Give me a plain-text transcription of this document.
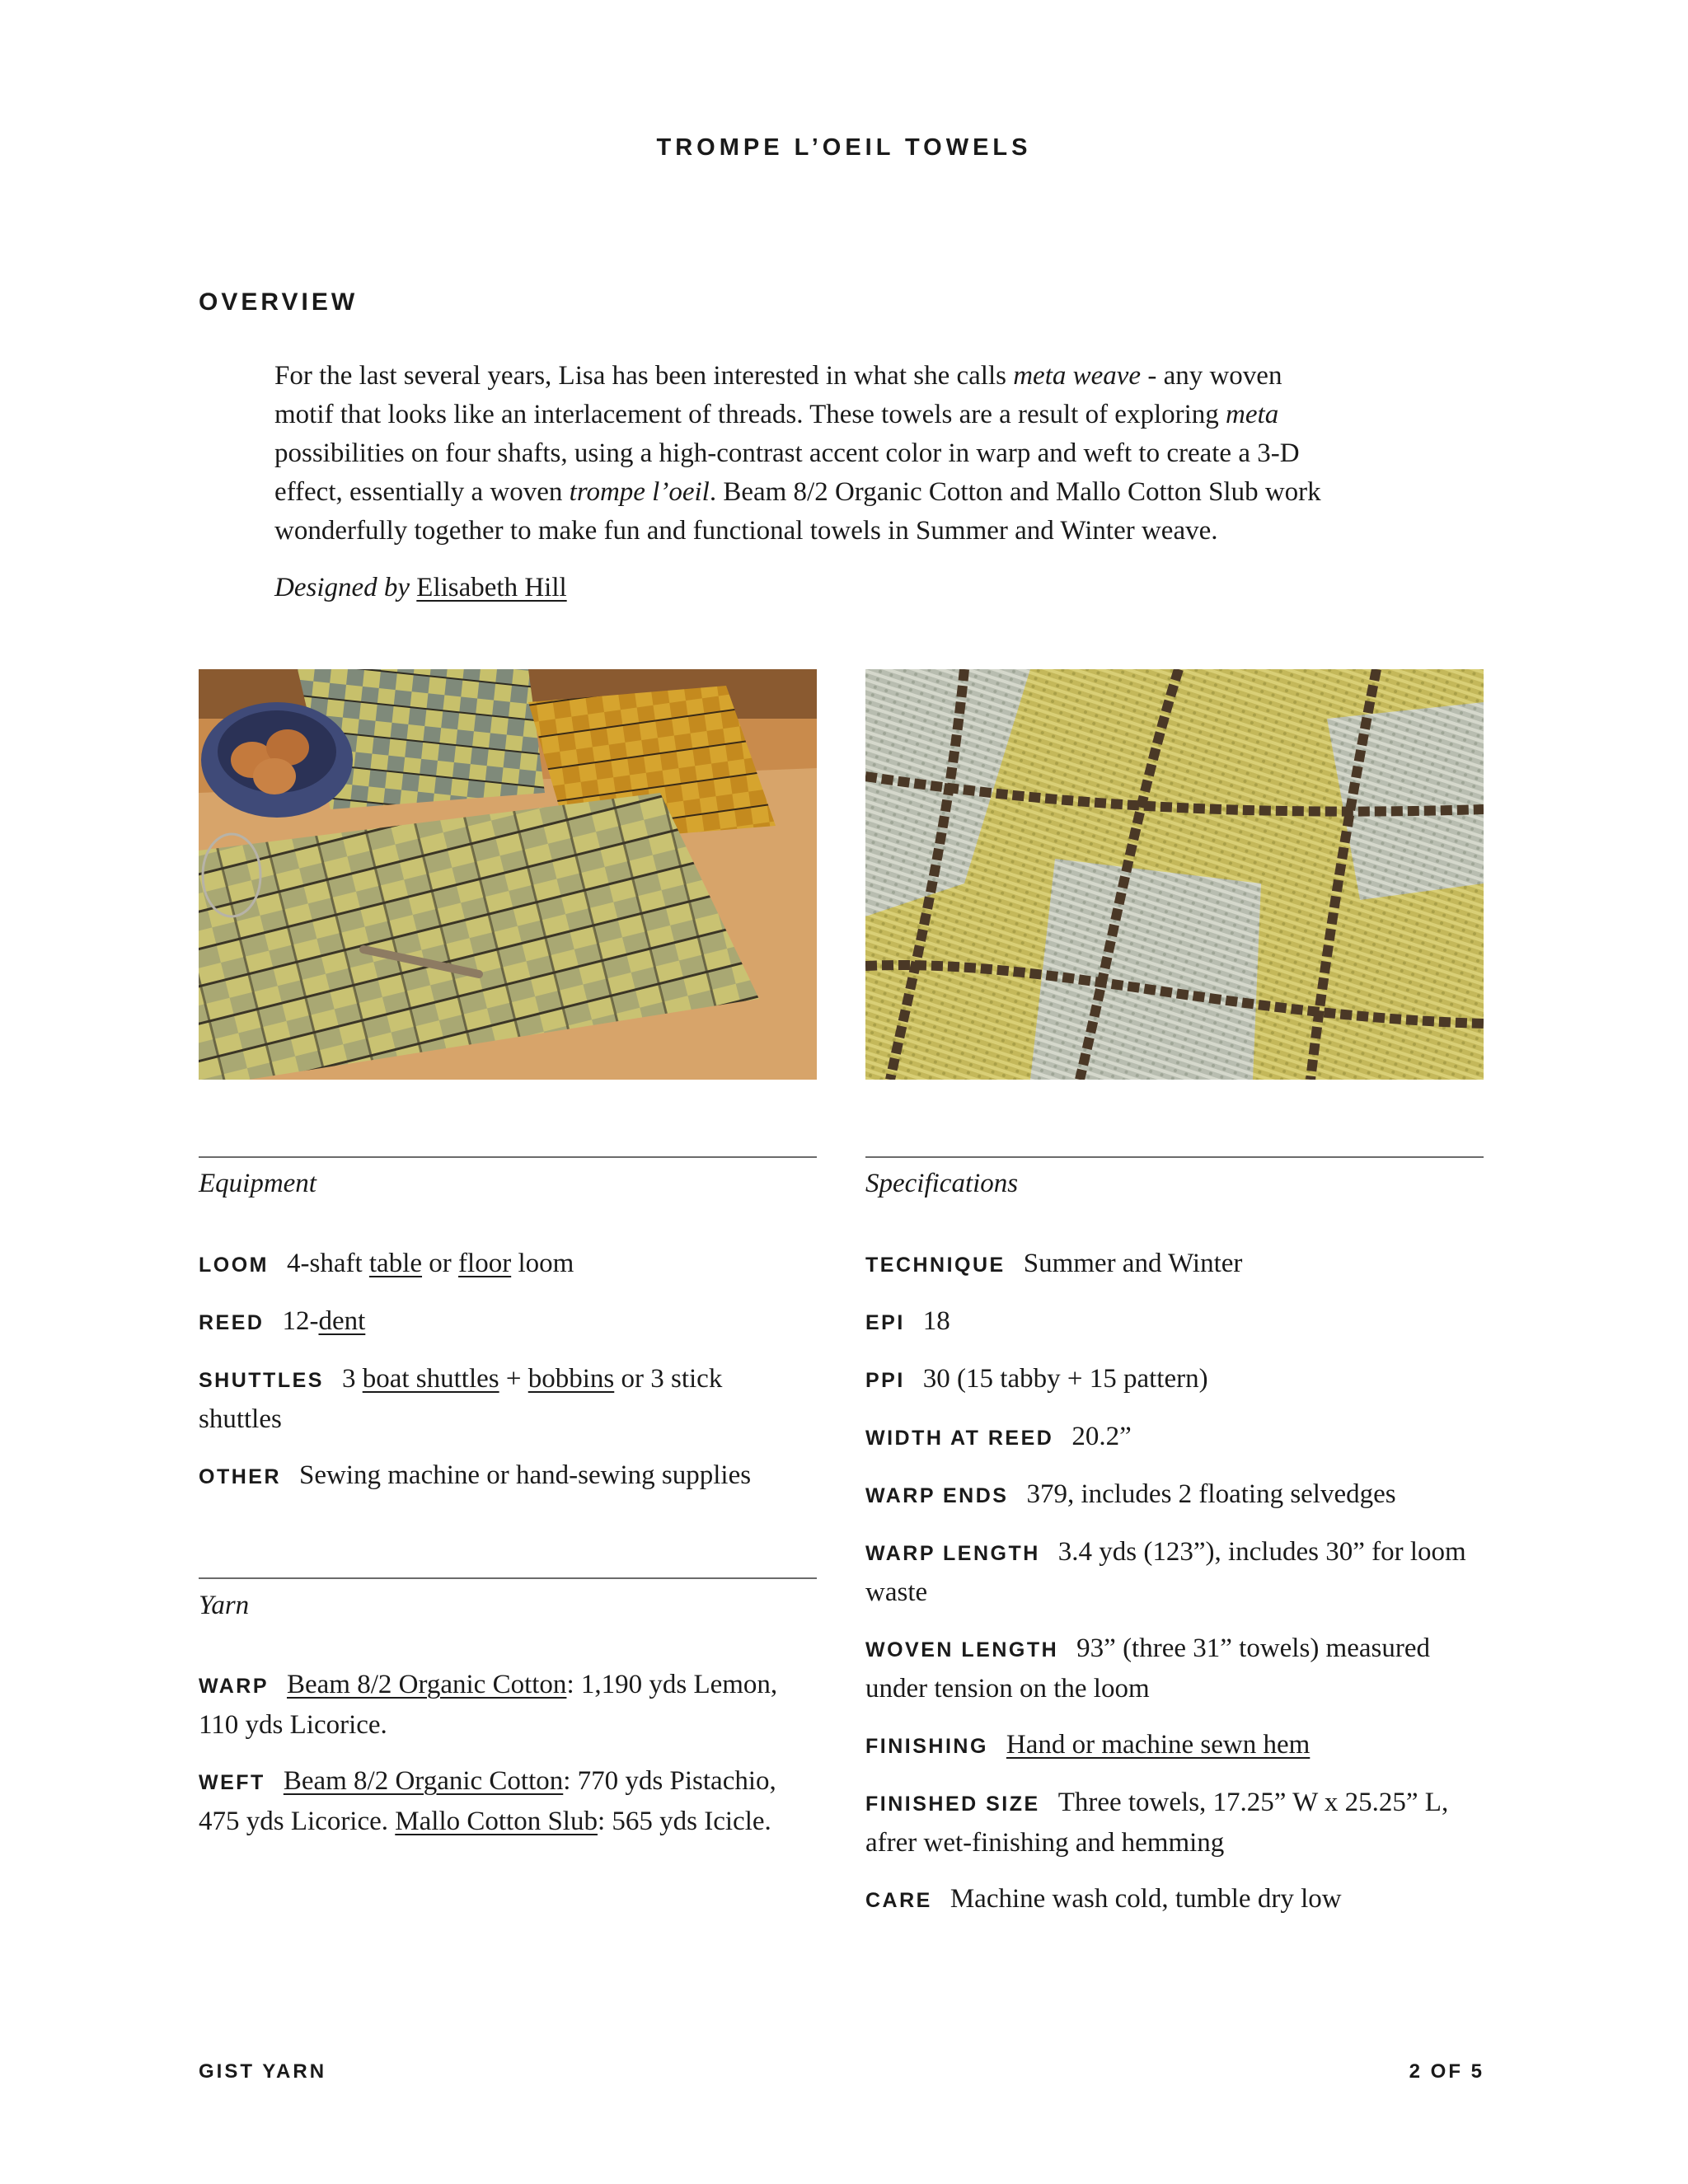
TROMPE L’OEIL TOWELS
OVERVIEW
For the last several years, Lisa has been interested in what she calls meta weave - any woven
motif that looks like an interlacement of threads. These towels are a result of exploring meta
possibilities on four shafts, using a high-contrast accent color in warp and weft to create a 3-D
effect, essentially a woven trompe l’oeil. Beam 8/2 Organic Cotton and Mallo Cotton Slub work
wonderfully together to make fun and functional towels in Summer and Winter weave.
Designed by Elisabeth Hill
Equipment
LOOM 4-shaft table or floor loom
REED 12-dent
SHUTTLES 3 boat shuttles + bobbins or 3 stick
shuttles
OTHER Sewing machine or hand-sewing supplies
Yarn
WARP Beam 8/2 Organic Cotton: 1,190 yds Lemon,
110 yds Licorice.
WEFT Beam 8/2 Organic Cotton: 770 yds Pistachio,
475 yds Licorice. Mallo Cotton Slub: 565 yds Icicle.
Specifications
TECHNIQUE Summer and Winter
EPI 18
PPI 30 (15 tabby + 15 pattern)
WIDTH AT REED 20.2”
WARP ENDS 379, includes 2 floating selvedges
WARP LENGTH 3.4 yds (123”), includes 30” for loom
waste
WOVEN LENGTH 93” (three 31” towels) measured
under tension on the loom
FINISHING Hand or machine sewn hem
FINISHED SIZE Three towels, 17.25” W x 25.25” L,
afrer wet-finishing and hemming
CARE Machine wash cold, tumble dry low
GIST YARN	2 OF 5
